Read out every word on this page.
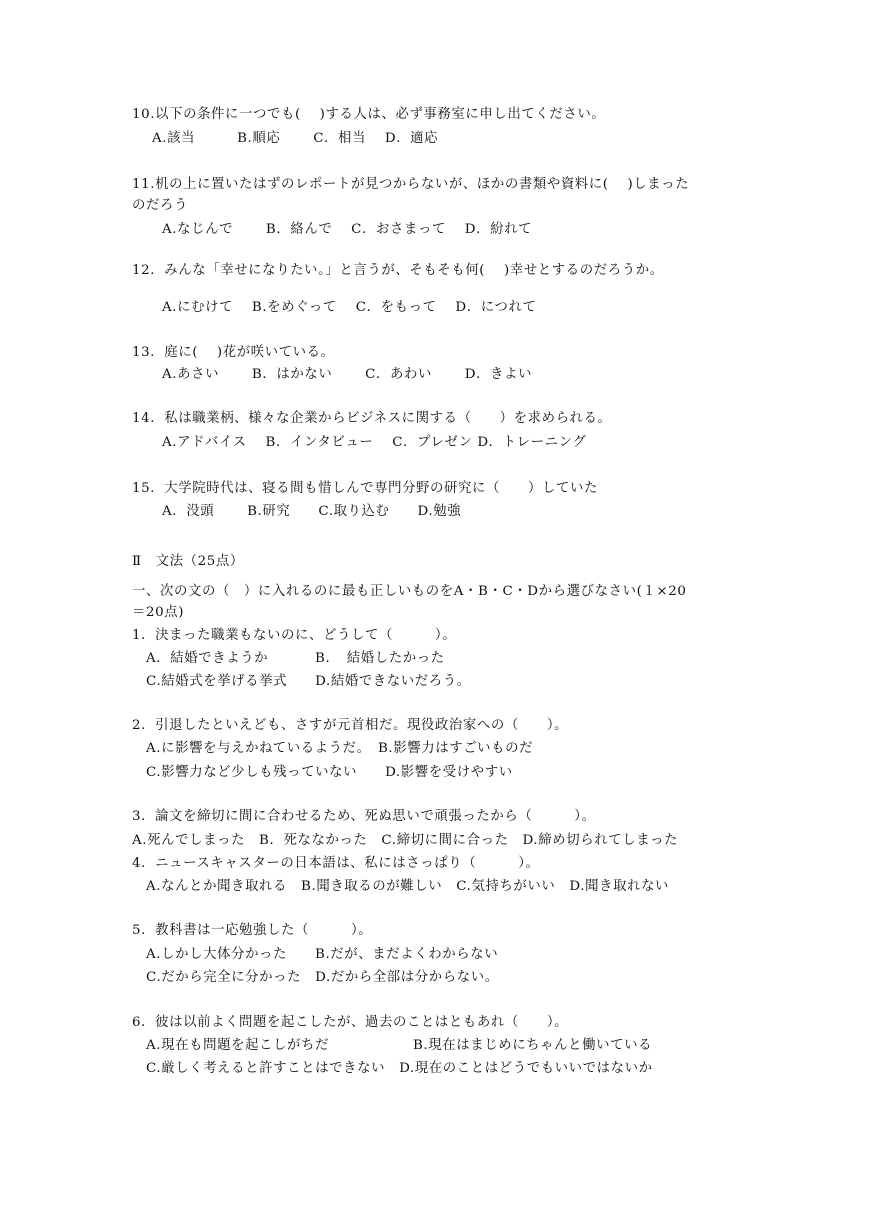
10.以下の条件に一つでも(　 )する人は、必ず事務室に申し出てください。
A.該当　　　B.順応　　 C．相当　 D．適応
11.机の上に置いたはずのレポートが見つからないが、ほかの書類や資料に(　 )しまった
のだろう
A.なじんで　　 B．絡んで　 C．おさまって　 D．紛れて
12．みんな「幸せになりたい。」と言うが、そもそも何(　 )幸せとするのだろうか。
A.にむけて　 B.をめぐって　 C．をもって　 D．につれて
13．庭に(　 )花が咲いている。
A.あさい　　 B．はかない　　 C．あわい　　 D．きよい
14．私は職業柄、様々な企業からビジネスに関する（　　）を求められる。
A.アドバイス　 B．インタビュー　 C．プレゼン D．トレーニング
15．大学院時代は、寝る間も惜しんで専門分野の研究に（　　）していた
A．没頭　　 B.研究　　C.取り込む　　D.勉強
Ⅱ　文法（25点）
一、次の文の（　）に入れるのに最も正しいものをA・B・C・Dから選びなさい(１×20
＝20点)
1．決まった職業もないのに、どうして（　　　）。
A．結婚できようか　　　 B．　結婚したかった
C.結婚式を挙げる挙式　　D.結婚できないだろう。
2．引退したといえども、さすが元首相だ。現役政治家への（　　）。
A.に影響を与えかねているようだ。　B.影響力はすごいものだ
C.影響力など少しも残っていない　　D.影響を受けやすい
3．論文を締切に間に合わせるため、死ぬ思いで頑張ったから（　　　）。
A.死んでしまった　B．死ななかった　C.締切に間に合った　D.締め切られてしまった
4．ニュースキャスターの日本語は、私にはさっぱり（　　　）。
A.なんとか聞き取れる　B.聞き取るのが難しい　C.気持ちがいい　D.聞き取れない
5．教科書は一応勉強した（　　　）。
A.しかし大体分かった　　B.だが、まだよくわからない
C.だから完全に分かった　D.だから全部は分からない。
6．彼は以前よく問題を起こしたが、過去のことはともあれ（　　）。
A.現在も問題を起こしがちだ　　　　　　B.現在はまじめにちゃんと働いている
C.厳しく考えると許すことはできない　D.現在のことはどうでもいいではないか
